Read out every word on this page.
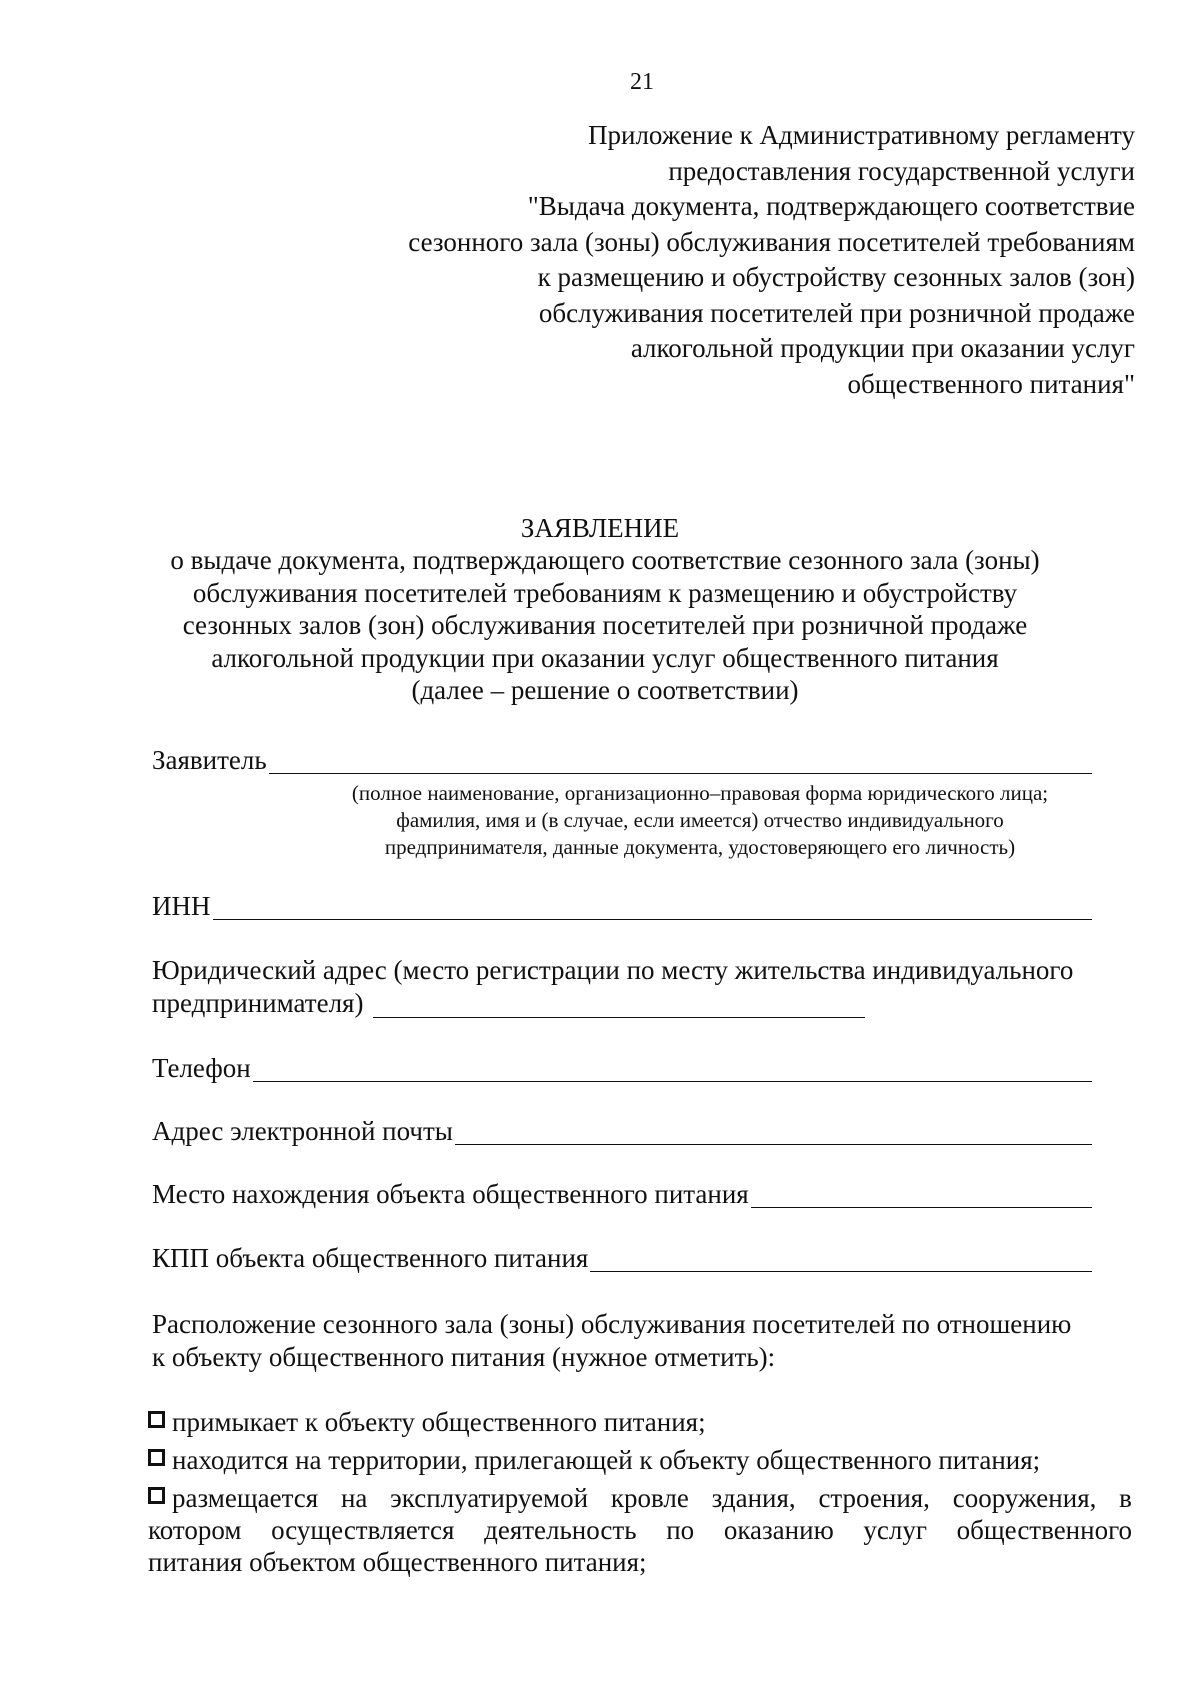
21
Приложение к Административному регламенту
предоставления государственной услуги
"Выдача документа, подтверждающего соответствие
сезонного зала (зоны) обслуживания посетителей требованиям
к размещению и обустройству сезонных залов (зон)
обслуживания посетителей при розничной продаже
алкогольной продукции при оказании услуг
общественного питания"
ЗАЯВЛЕНИЕ
о выдаче документа, подтверждающего соответствие сезонного зала (зоны)
обслуживания посетителей требованиям к размещению и обустройству
сезонных залов (зон) обслуживания посетителей при розничной продаже
алкогольной продукции при оказании услуг общественного питания
(далее – решение о соответствии)
Заявитель
(полное наименование, организационно–правовая форма юридического лица;
фамилия, имя и (в случае, если имеется) отчество индивидуального
предпринимателя, данные документа, удостоверяющего его личность)
ИНН
Юридический адрес (место регистрации по месту жительства индивидуального
предпринимателя)
Телефон
Адрес электронной почты
Место нахождения объекта общественного питания
КПП объекта общественного питания
Расположение сезонного зала (зоны) обслуживания посетителей по отношению
к объекту общественного питания (нужное отметить):
примыкает к объекту общественного питания;
находится на территории, прилегающей к объекту общественного питания;
размещается на эксплуатируемой кровле здания, строения, сооружения, в
котором осуществляется деятельность по оказанию услуг общественного
питания объектом общественного питания;
